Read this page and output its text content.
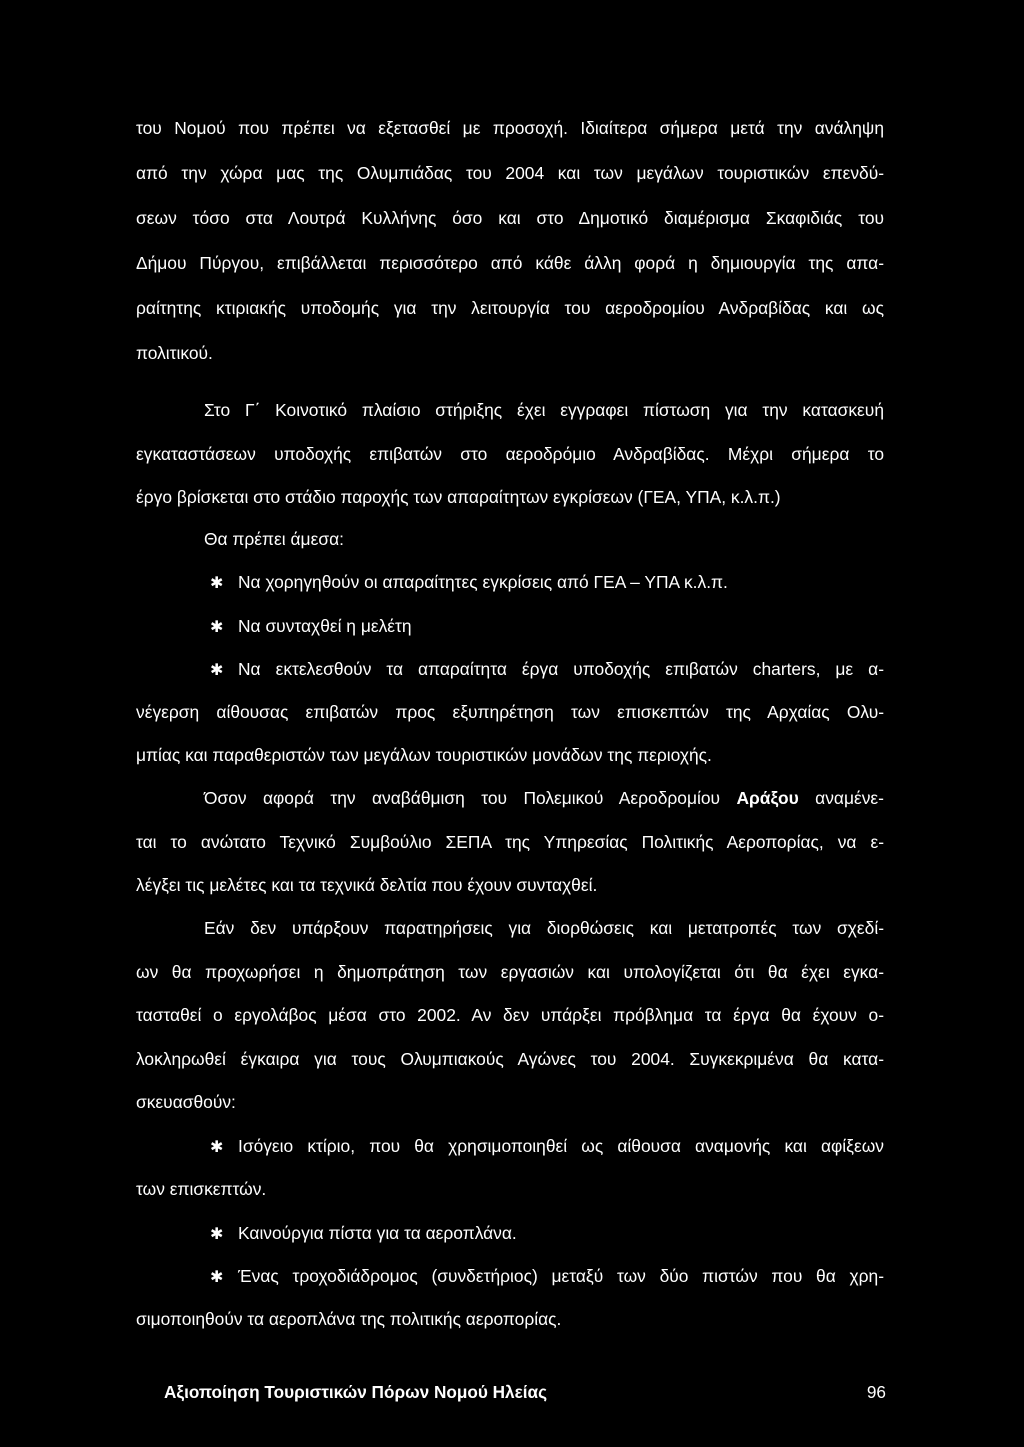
του Νομού που πρέπει να εξετασθεί με προσοχή. Ιδιαίτερα σήμερα μετά την ανάληψη
από την χώρα μας της Ολυμπιάδας του 2004 και των μεγάλων τουριστικών επενδύ-
σεων τόσο στα Λουτρά Κυλλήνης όσο και στο Δημοτικό διαμέρισμα Σκαφιδιάς του
Δήμου Πύργου, επιβάλλεται περισσότερο από κάθε άλλη φορά η δημιουργία της απα-
ραίτητης κτιριακής υποδομής για την λειτουργία του αεροδρομίου Ανδραβίδας και ως
πολιτικού.
Στο Γ΄ Κοινοτικό πλαίσιο στήριξης έχει εγγραφει πίστωση για την κατασκευή
εγκαταστάσεων υποδοχής επιβατών στο αεροδρόμιο Ανδραβίδας. Μέχρι σήμερα το
έργο βρίσκεται στο στάδιο παροχής των απαραίτητων εγκρίσεων (ΓΕΑ, ΥΠΑ, κ.λ.π.)
Θα πρέπει άμεσα:
✱ Να χορηγηθούν οι απαραίτητες εγκρίσεις από ΓΕΑ – ΥΠΑ κ.λ.π.
✱ Να συνταχθεί η μελέτη
✱ Να εκτελεσθούν τα απαραίτητα έργα υποδοχής επιβατών charters, με α-
νέγερση αίθουσας επιβατών προς εξυπηρέτηση των επισκεπτών της Αρχαίας Ολυ-
μπίας και παραθεριστών των μεγάλων τουριστικών μονάδων της περιοχής.
Όσον αφορά την αναβάθμιση του Πολεμικού Αεροδρομίου Αράξου αναμένε-
ται το ανώτατο Τεχνικό Συμβούλιο ΣΕΠΑ της Υπηρεσίας Πολιτικής Αεροπορίας, να ε-
λέγξει τις μελέτες και τα τεχνικά δελτία που έχουν συνταχθεί.
Εάν δεν υπάρξουν παρατηρήσεις για διορθώσεις και μετατροπές των σχεδί-
ων θα προχωρήσει η δημοπράτηση των εργασιών και υπολογίζεται ότι θα έχει εγκα-
τασταθεί ο εργολάβος μέσα στο 2002. Αν δεν υπάρξει πρόβλημα τα έργα θα έχουν ο-
λοκληρωθεί έγκαιρα για τους Ολυμπιακούς Αγώνες του 2004. Συγκεκριμένα θα κατα-
σκευασθούν:
✱ Ισόγειο κτίριο, που θα χρησιμοποιηθεί ως αίθουσα αναμονής και αφίξεων
των επισκεπτών.
✱ Καινούργια πίστα για τα αεροπλάνα.
✱ Ένας τροχοδιάδρομος (συνδετήριος) μεταξύ των δύο πιστών που θα χρη-
σιμοποιηθούν τα αεροπλάνα της πολιτικής αεροπορίας.
Αξιοποίηση Τουριστικών Πόρων Νομού Ηλείας	96
